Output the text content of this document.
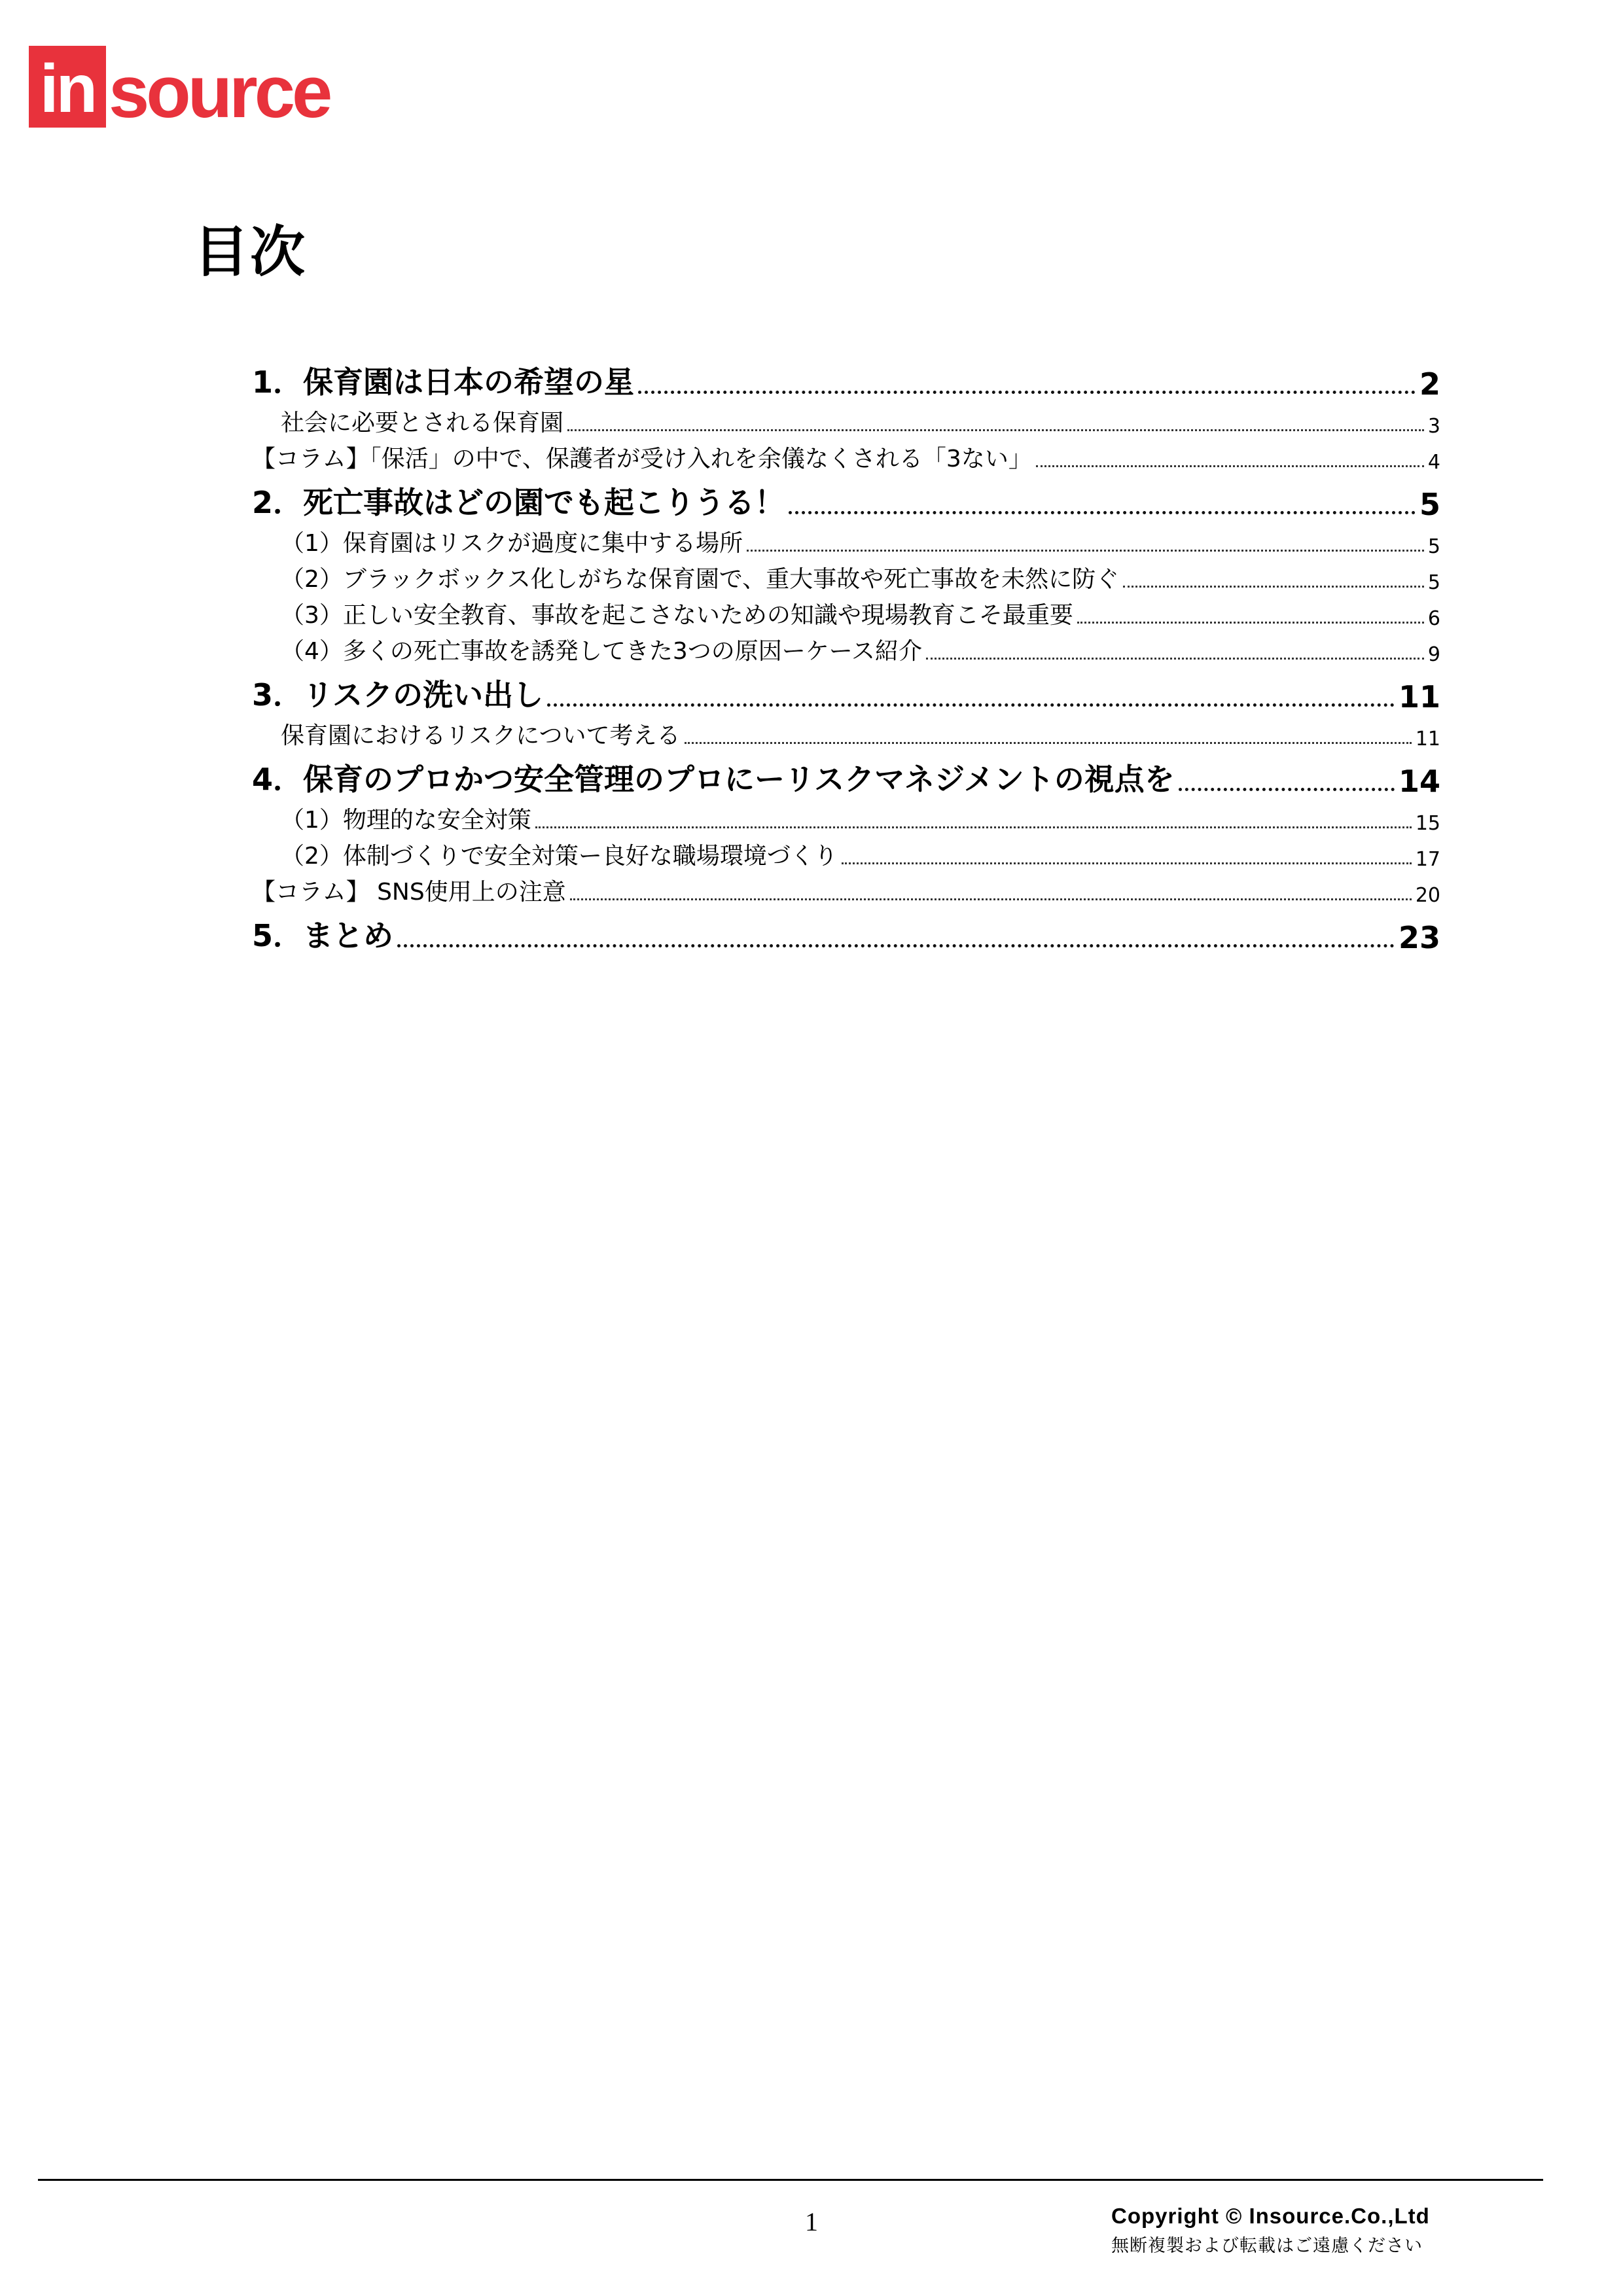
in source
目次
1．保育園は日本の希望の星	2
社会に必要とされる保育園	3
【コラム】「保活」の中で、保護者が受け入れを余儀なくされる「3ない」	4
2．死亡事故はどの園でも起こりうる！	5
（1）保育園はリスクが過度に集中する場所	5
（2）ブラックボックス化しがちな保育園で、重大事故や死亡事故を未然に防ぐ	5
（3）正しい安全教育、事故を起こさないための知識や現場教育こそ最重要	6
（4）多くの死亡事故を誘発してきた3つの原因ーケース紹介	9
3．リスクの洗い出し	11
保育園におけるリスクについて考える	11
4．保育のプロかつ安全管理のプロにーリスクマネジメントの視点を	14
（1）物理的な安全対策	15
（2）体制づくりで安全対策ー良好な職場環境づくり	17
【コラム】 SNS使用上の注意	20
5．まとめ	23
1	Copyright © Insource.Co.,Ltd
無断複製および転載はご遠慮ください
